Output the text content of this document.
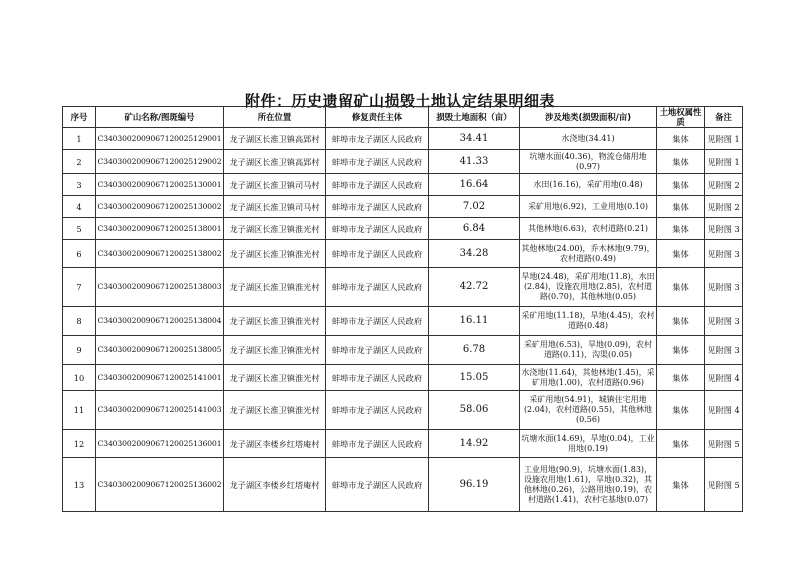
附件：历史遗留矿山损毁土地认定结果明细表
序号	矿山名称/图斑编号	所在位置	修复责任主体	损毁土地面积（亩）	涉及地类(损毁面积/亩)	土地权属性质	备注
1	C3403002009067120025129001	龙子湖区长淮卫镇高郢村	蚌埠市龙子湖区人民政府	34.41	水浇地(34.41)	集体	见附图 1
2	C3403002009067120025129002	龙子湖区长淮卫镇高郢村	蚌埠市龙子湖区人民政府	41.33	坑塘水面(40.36)，物流仓储用地(0.97)	集体	见附图 1
3	C3403002009067120025130001	龙子湖区长淮卫镇司马村	蚌埠市龙子湖区人民政府	16.64	水田(16.16)，采矿用地(0.48)	集体	见附图 2
4	C3403002009067120025130002	龙子湖区长淮卫镇司马村	蚌埠市龙子湖区人民政府	7.02	采矿用地(6.92)，工业用地(0.10)	集体	见附图 2
5	C3403002009067120025138001	龙子湖区长淮卫镇淮光村	蚌埠市龙子湖区人民政府	6.84	其他林地(6.63)，农村道路(0.21)	集体	见附图 3
6	C3403002009067120025138002	龙子湖区长淮卫镇淮光村	蚌埠市龙子湖区人民政府	34.28	其他林地(24.00)，乔木林地(9.79)，农村道路(0.49)	集体	见附图 3
7	C3403002009067120025138003	龙子湖区长淮卫镇淮光村	蚌埠市龙子湖区人民政府	42.72	旱地(24.48)，采矿用地(11.8)，水田(2.84)，设施农用地(2.85)，农村道路(0.70)，其他林地(0.05)	集体	见附图 3
8	C3403002009067120025138004	龙子湖区长淮卫镇淮光村	蚌埠市龙子湖区人民政府	16.11	采矿用地(11.18)，旱地(4.45)，农村道路(0.48)	集体	见附图 3
9	C3403002009067120025138005	龙子湖区长淮卫镇淮光村	蚌埠市龙子湖区人民政府	6.78	采矿用地(6.53)，旱地(0.09)，农村道路(0.11)，沟渠(0.05)	集体	见附图 3
10	C3403002009067120025141001	龙子湖区长淮卫镇淮光村	蚌埠市龙子湖区人民政府	15.05	水浇地(11.64)，其他林地(1.45)，采矿用地(1.00)，农村道路(0.96)	集体	见附图 4
11	C3403002009067120025141003	龙子湖区长淮卫镇淮光村	蚌埠市龙子湖区人民政府	58.06	采矿用地(54.91)，城镇住宅用地(2.04)，农村道路(0.55)，其他林地(0.56)	集体	见附图 4
12	C3403002009067120025136001	龙子湖区李楼乡红塔庵村	蚌埠市龙子湖区人民政府	14.92	坑塘水面(14.69)，旱地(0.04)，工业用地(0.19)	集体	见附图 5
13	C3403002009067120025136002	龙子湖区李楼乡红塔庵村	蚌埠市龙子湖区人民政府	96.19	工业用地(90.9)，坑塘水面(1.83)，设施农用地(1.61)，旱地(0.32)，其他林地(0.26)，公路用地(0.19)，农村道路(1.41)，农村宅基地(0.07)	集体	见附图 5
